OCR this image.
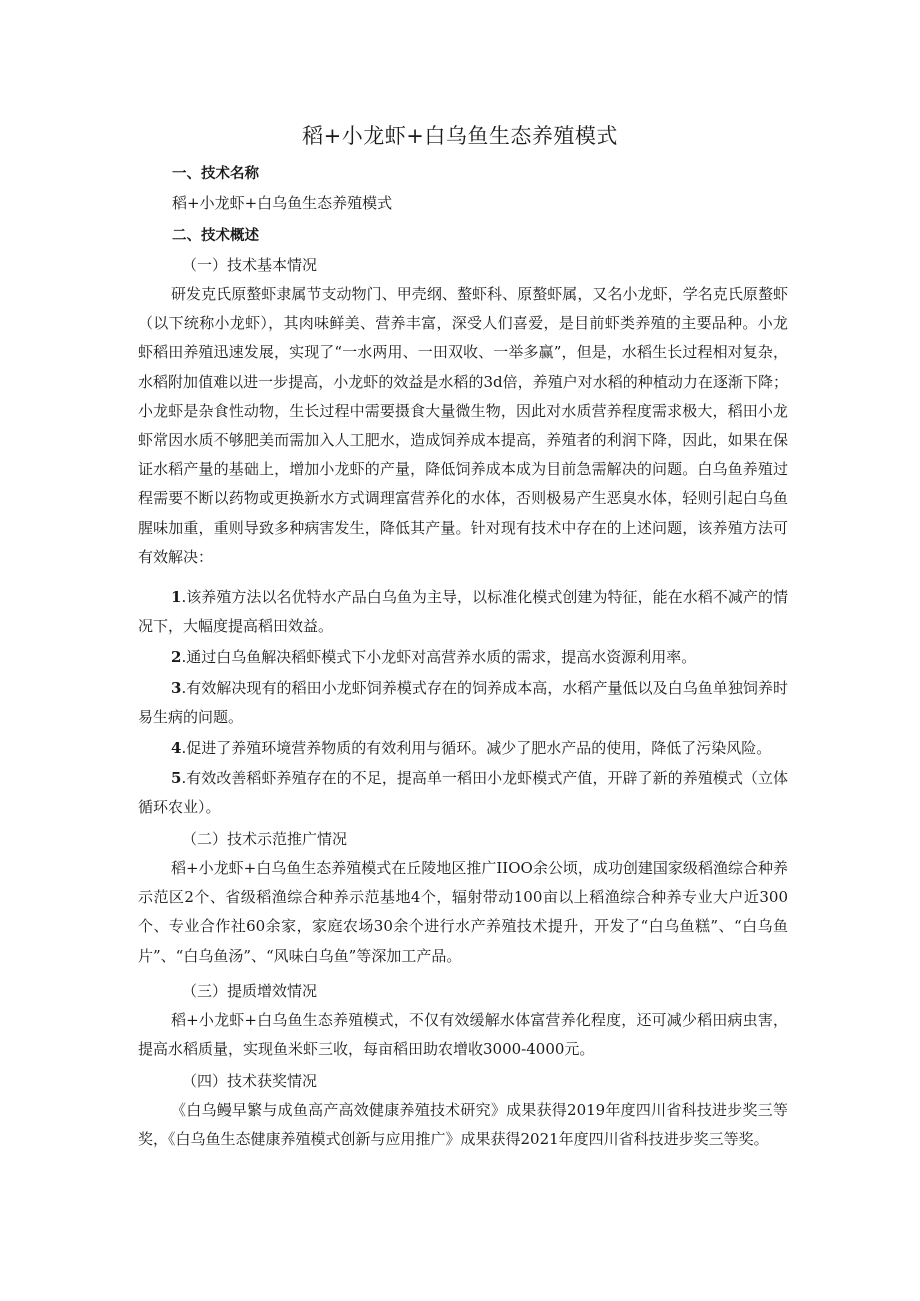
稻+小龙虾+白乌鱼生态养殖模式
一、技术名称
稻+小龙虾+白乌鱼生态养殖模式
二、技术概述
（一）技术基本情况
研发克氏原螯虾隶属节支动物门、甲壳纲、螯虾科、原螯虾属，又名小龙虾，学名克氏原螯虾（以下统称小龙虾），其肉味鲜美、营养丰富，深受人们喜爱，是目前虾类养殖的主要品种。小龙虾稻田养殖迅速发展，实现了“一水两用、一田双收、一举多赢”，但是，水稻生长过程相对复杂，水稻附加值难以进一步提高，小龙虾的效益是水稻的3d倍，养殖户对水稻的种植动力在逐渐下降；小龙虾是杂食性动物，生长过程中需要摄食大量微生物，因此对水质营养程度需求极大，稻田小龙虾常因水质不够肥美而需加入人工肥水，造成饲养成本提高，养殖者的利润下降，因此，如果在保证水稻产量的基础上，增加小龙虾的产量，降低饲养成本成为目前急需解决的问题。白乌鱼养殖过程需要不断以药物或更换新水方式调理富营养化的水体，否则极易产生恶臭水体，轻则引起白乌鱼腥味加重，重则导致多种病害发生，降低其产量。针对现有技术中存在的上述问题，该养殖方法可有效解决：
1.该养殖方法以名优特水产品白乌鱼为主导，以标准化模式创建为特征，能在水稻不减产的情况下，大幅度提高稻田效益。
2.通过白乌鱼解决稻虾模式下小龙虾对高营养水质的需求，提高水资源利用率。
3.有效解决现有的稻田小龙虾饲养模式存在的饲养成本高，水稻产量低以及白乌鱼单独饲养时易生病的问题。
4.促进了养殖环境营养物质的有效利用与循环。减少了肥水产品的使用，降低了污染风险。
5.有效改善稻虾养殖存在的不足，提高单一稻田小龙虾模式产值，开辟了新的养殖模式（立体循环农业）。
（二）技术示范推广情况
稻+小龙虾+白乌鱼生态养殖模式在丘陵地区推广IIOO余公顷，成功创建国家级稻渔综合种养示范区2个、省级稻渔综合种养示范基地4个，辐射带动100亩以上稻渔综合种养专业大户近300个、专业合作社60余家，家庭农场30余个进行水产养殖技术提升，开发了“白乌鱼糕”、“白乌鱼片”、“白乌鱼汤”、“风味白乌鱼”等深加工产品。
（三）提质增效情况
稻+小龙虾+白乌鱼生态养殖模式，不仅有效缓解水体富营养化程度，还可减少稻田病虫害，提高水稻质量，实现鱼米虾三收，每亩稻田助农增收3000-4000元。
（四）技术获奖情况
《白乌鳗早繁与成鱼高产高效健康养殖技术研究》成果获得2019年度四川省科技进步奖三等奖，《白乌鱼生态健康养殖模式创新与应用推广》成果获得2021年度四川省科技进步奖三等奖。
